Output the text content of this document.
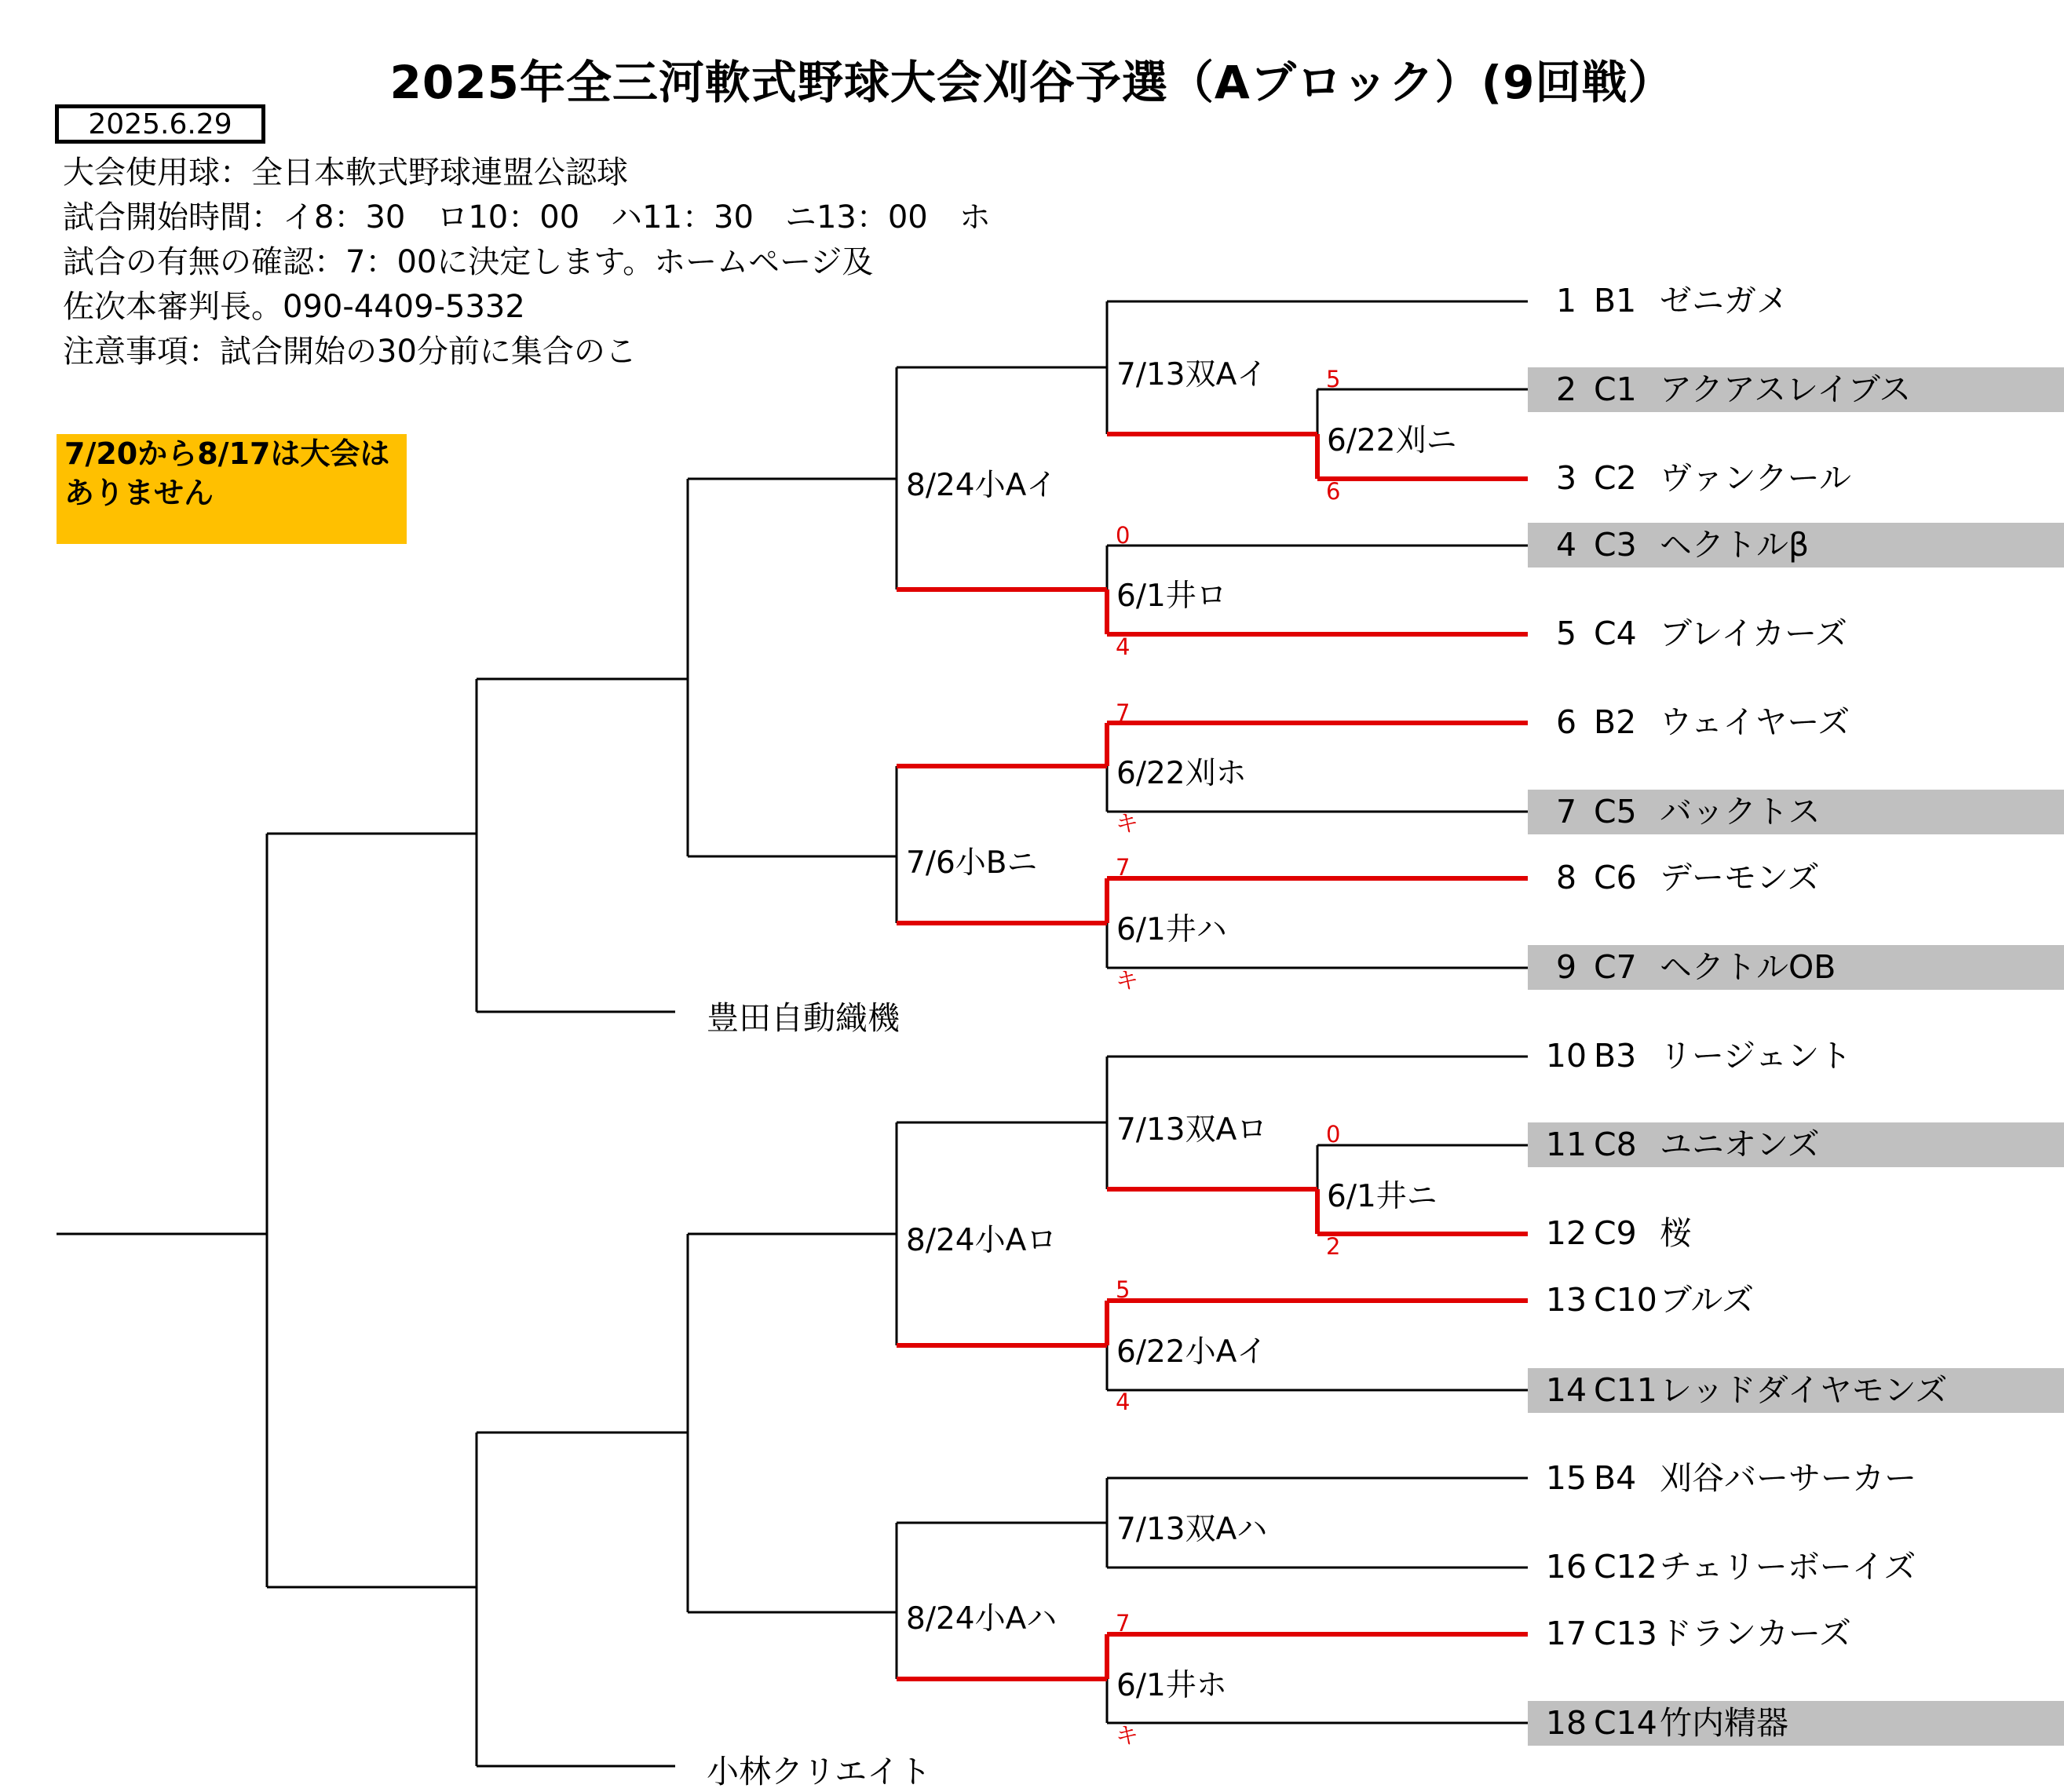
2025年全三河軟式野球大会刈谷予選（Aブロック）(9回戦）
2025.6.29
大会使用球：全日本軟式野球連盟公認球
試合開始時間：イ8：30　ロ10：00　ハ11：30　ニ13：00　ホ
試合の有無の確認：7：00に決定します。ホームページ及
佐次本審判長。090-4409-5332
注意事項：試合開始の30分前に集合のこ
7/20から8/17は大会は
ありません
1 B1 ゼニガメ
2 C1 アクアスレイブス
3 C2 ヴァンクール
4 C3 ヘクトルβ
5 C4 ブレイカーズ
6 B2 ウェイヤーズ
7 C5 バックトス
8 C6 デーモンズ
9 C7 ヘクトルOB
10 B3 リージェント
11 C8 ユニオンズ
12 C9 桜
13 C10ブルズ
14 C11レッドダイヤモンズ
15 B4 刈谷バーサーカー
16 C12チェリーボーイズ
17 C13ドランカーズ
18 C14竹内精器
7/13双Aイ
6/22刈ニ
8/24小Aイ
6/1井ロ
6/22刈ホ
7/6小Bニ
6/1井ハ
7/13双Aロ
6/1井ニ
8/24小Aロ
6/22小Aイ
7/13双Aハ
8/24小Aハ
6/1井ホ
豊田自動織機
小林クリエイト
5
6
0
4
7
キ
7
キ
0
2
5
4
7
キ
